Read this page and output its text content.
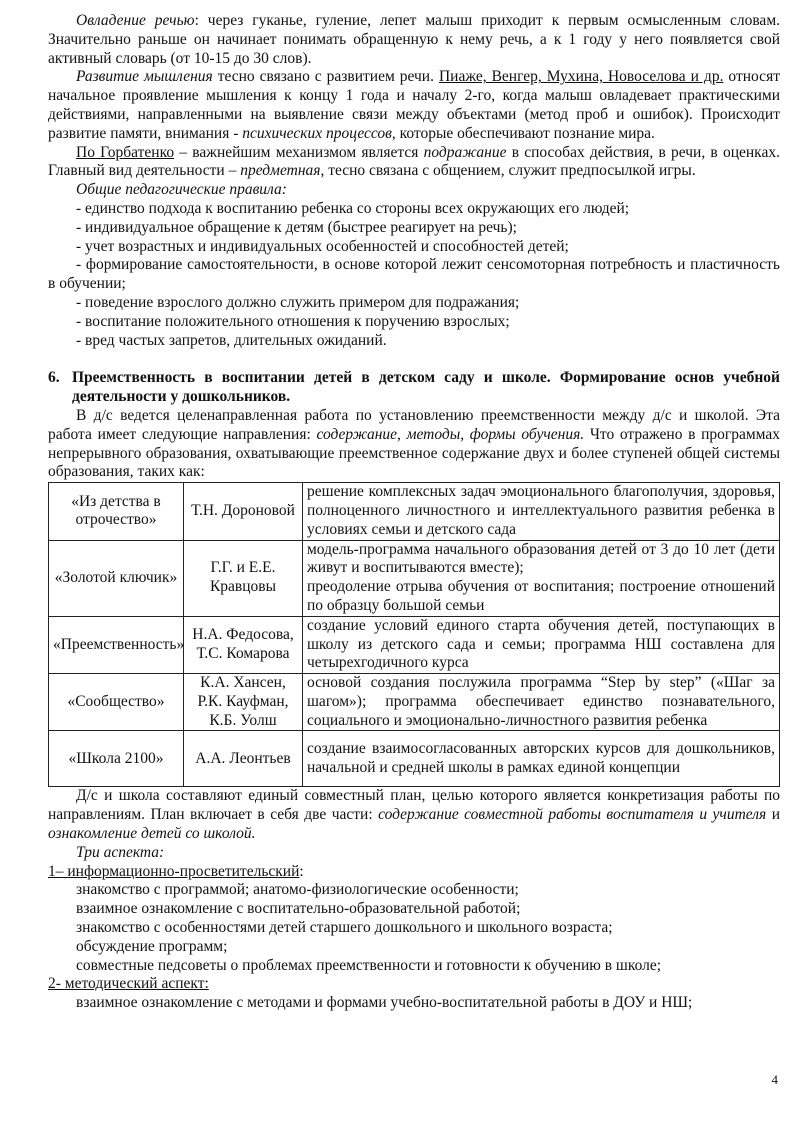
Овладение речью: через гуканье, гуление, лепет малыш приходит к первым осмысленным словам. Значительно раньше он начинает понимать обращенную к нему речь, а к 1 году у него появляется свой активный словарь (от 10-15 до 30 слов).

Развитие мышления тесно связано с развитием речи. Пиаже, Венгер, Мухина, Новоселова и др. относят начальное проявление мышления к концу 1 года и началу 2-го, когда малыш овладевает практическими действиями, направленными на выявление связи между объектами (метод проб и ошибок). Происходит развитие памяти, внимания - психических процессов, которые обеспечивают познание мира.

По Горбатенко – важнейшим механизмом является подражание в способах действия, в речи, в оценках. Главный вид деятельности – предметная, тесно связана с общением, служит предпосылкой игры.

Общие педагогические правила:

- единство подхода к воспитанию ребенка со стороны всех окружающих его людей;

- индивидуальное обращение к детям (быстрее реагирует на речь);

- учет возрастных и индивидуальных особенностей и способностей детей;

- формирование самостоятельности, в основе которой лежит сенсомоторная потребность и пластичность в обучении;

- поведение взрослого должно служить примером для подражания;

- воспитание положительного отношения к поручению взрослых;

- вред частых запретов, длительных ожиданий.

6. Преемственность в воспитании детей в детском саду и школе. Формирование основ учебной деятельности у дошкольников.

В д/с ведется целенаправленная работа по установлению преемственности между д/с и школой. Эта работа имеет следующие направления: содержание, методы, формы обучения. Что отражено в программах непрерывного образования, охватывающие преемственное содержание двух и более ступеней общей системы образования, таких как:

«Из детства в отрочество»	Т.Н. Дороновой	решение комплексных задач эмоционального благополучия, здоровья, полноценного личностного и интеллектуального развития ребенка в условиях семьи и детского сада
«Золотой ключик»	Г.Г. и Е.Е. Кравцовы	модель-программа начального образования детей от 3 до 10 лет (дети живут и воспитываются вместе);
преодоление отрыва обучения от воспитания; построение отношений по образцу большой семьи

«Преемственность»	Н.А. Федосова, Т.С. Комарова	создание условий единого старта обучения детей, поступающих в школу из детского сада и семьи; программа НШ составлена для четырехгодичного курса
«Сообщество»	К.А. Хансен, Р.К. Кауфман, К.Б. Уолш	основой создания послужила программа “Step by step” («Шаг за шагом»); программа обеспечивает единство познавательного, социального и эмоционально-личностного развития ребенка
«Школа 2100»	А.А. Леонтьев	создание взаимосогласованных авторских курсов для дошкольников, начальной и средней школы в рамках единой концепции

Д/с и школа составляют единый совместный план, целью которого является конкретизация работы по направлениям. План включает в себя две части: содержание совместной работы воспитателя и учителя и ознакомление детей со школой.

Три аспекта:

1– информационно-просветительский:

знакомство с программой; анатомо-физиологические особенности;

взаимное ознакомление с воспитательно-образовательной работой;

знакомство с особенностями детей старшего дошкольного и школьного возраста;

обсуждение программ;

совместные педсоветы о проблемах преемственности и готовности к обучению в школе;

2- методический аспект:

взаимное ознакомление с методами и формами учебно-воспитательной работы в ДОУ и НШ;

4
